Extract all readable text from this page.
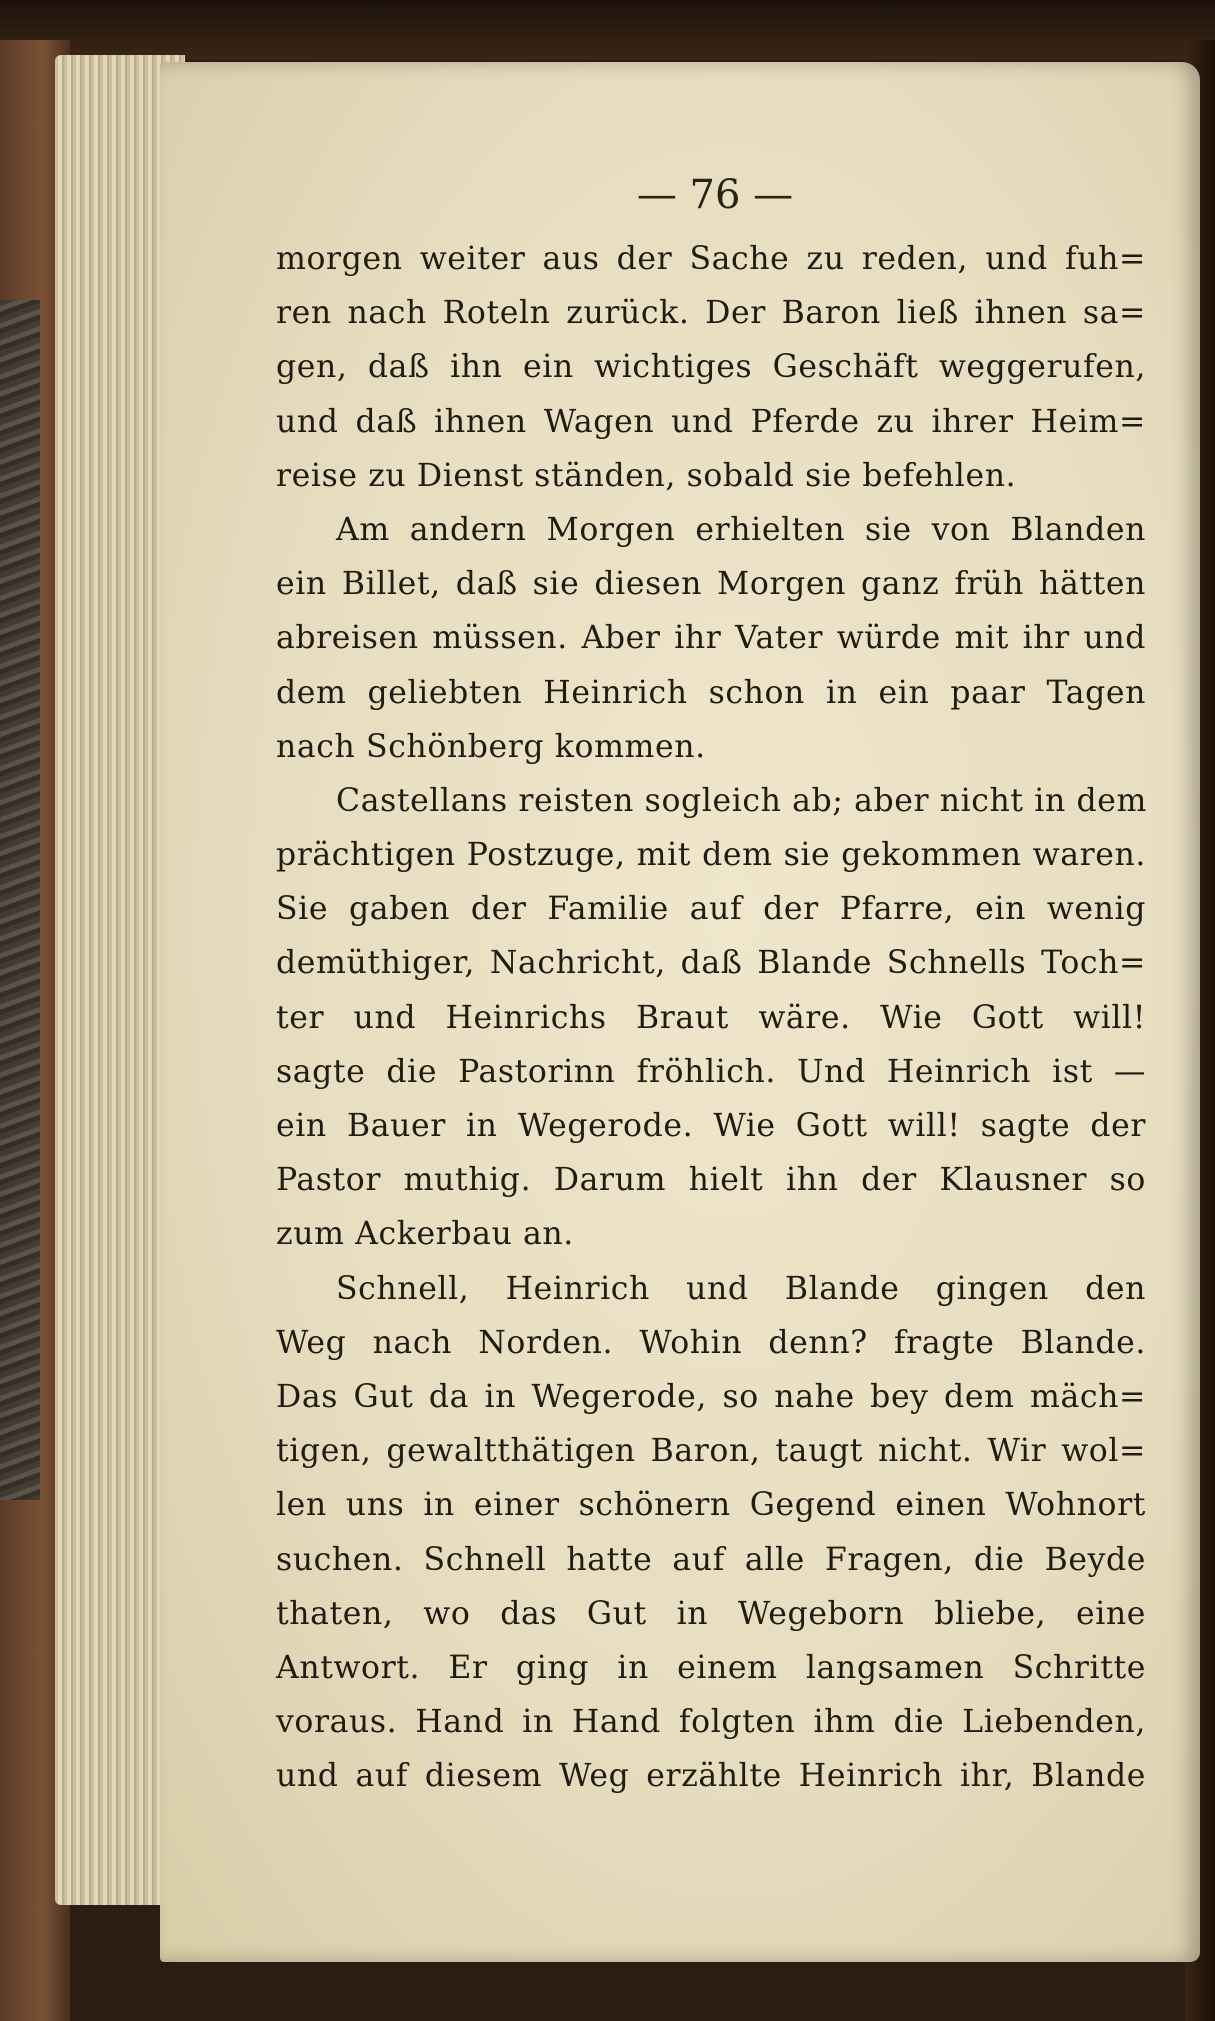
— 76 —
morgen weiter aus der Sache zu reden, und fuh=
ren nach Roteln zurück. Der Baron ließ ihnen sa=
gen, daß ihn ein wichtiges Geschäft weggerufen,
und daß ihnen Wagen und Pferde zu ihrer Heim=
reise zu Dienst ständen, sobald sie befehlen.
Am andern Morgen erhielten sie von Blanden
ein Billet, daß sie diesen Morgen ganz früh hätten
abreisen müssen. Aber ihr Vater würde mit ihr und
dem geliebten Heinrich schon in ein paar Tagen
nach Schönberg kommen.
Castellans reisten sogleich ab; aber nicht in dem
prächtigen Postzuge, mit dem sie gekommen waren.
Sie gaben der Familie auf der Pfarre, ein wenig
demüthiger, Nachricht, daß Blande Schnells Toch=
ter und Heinrichs Braut wäre. Wie Gott will!
sagte die Pastorinn fröhlich. Und Heinrich ist —
ein Bauer in Wegerode. Wie Gott will! sagte der
Pastor muthig. Darum hielt ihn der Klausner so
zum Ackerbau an.
Schnell, Heinrich und Blande gingen den
Weg nach Norden. Wohin denn? fragte Blande.
Das Gut da in Wegerode, so nahe bey dem mäch=
tigen, gewaltthätigen Baron, taugt nicht. Wir wol=
len uns in einer schönern Gegend einen Wohnort
suchen. Schnell hatte auf alle Fragen, die Beyde
thaten, wo das Gut in Wegeborn bliebe, eine
Antwort. Er ging in einem langsamen Schritte
voraus. Hand in Hand folgten ihm die Liebenden,
und auf diesem Weg erzählte Heinrich ihr, Blande
